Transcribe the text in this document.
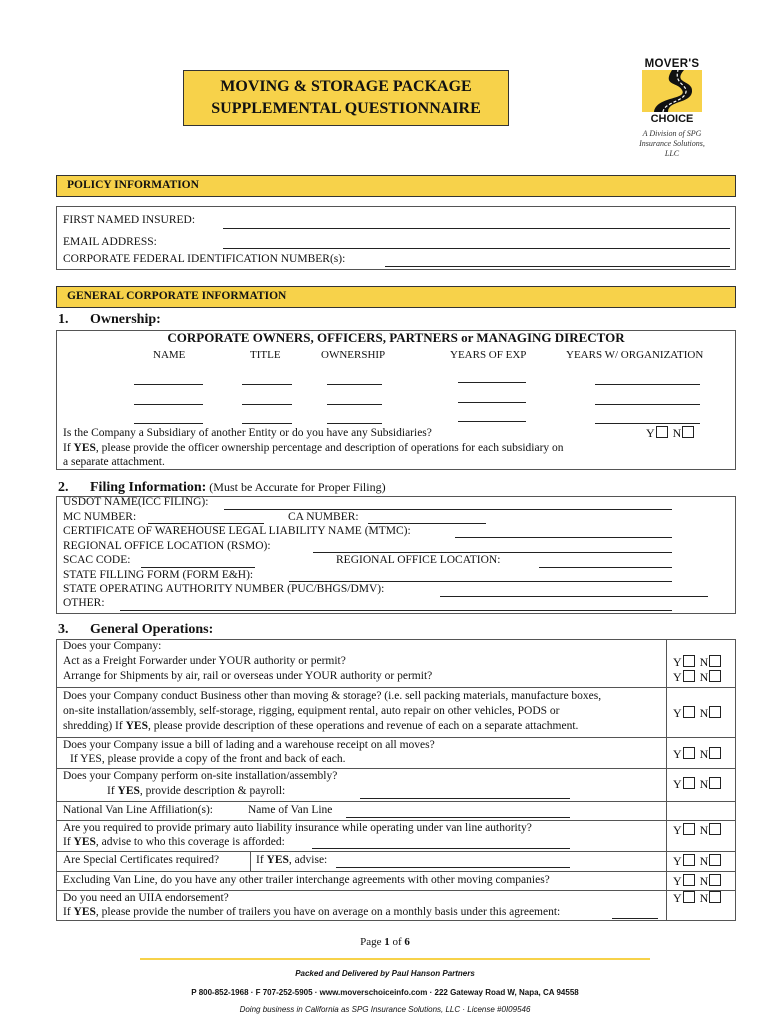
MOVING & STORAGE PACKAGE
SUPPLEMENTAL QUESTIONNAIRE
MOVER'S
CHOICE
A Division of SPG
Insurance Solutions, LLC
POLICY INFORMATION
FIRST NAMED INSURED:
EMAIL ADDRESS:
CORPORATE FEDERAL IDENTIFICATION NUMBER(s):
GENERAL CORPORATE INFORMATION
1. Ownership:
CORPORATE OWNERS, OFFICERS, PARTNERS or MANAGING DIRECTOR
NAME	TITLE	OWNERSHIP	YEARS OF EXP	YEARS W/ ORGANIZATION
Is the Company a Subsidiary of another Entity or do you have any Subsidiaries?	Y N
If YES, please provide the officer ownership percentage and description of operations for each subsidiary on
a separate attachment.
2. Filing Information: (Must be Accurate for Proper Filing)
USDOT NAME(ICC FILING):
MC NUMBER:	CA NUMBER:
CERTIFICATE OF WAREHOUSE LEGAL LIABILITY NAME (MTMC):
REGIONAL OFFICE LOCATION (RSMO):
SCAC CODE:	REGIONAL OFFICE LOCATION:
STATE FILLING FORM (FORM E&H):
STATE OPERATING AUTHORITY NUMBER (PUC/BHGS/DMV):
OTHER:
3. General Operations:
Does your Company:
Act as a Freight Forwarder under YOUR authority or permit?	Y N
Arrange for Shipments by air, rail or overseas under YOUR authority or permit?	Y N
Does your Company conduct Business other than moving & storage? (i.e. sell packing materials, manufacture boxes,
on-site installation/assembly, self-storage, rigging, equipment rental, auto repair on other vehicles, PODS or
shredding) If YES, please provide description of these operations and revenue of each on a separate attachment.
Y N
Does your Company issue a bill of lading and a warehouse receipt on all moves?
If YES, please provide a copy of the front and back of each.	Y N
Does your Company perform on-site installation/assembly?
If YES, provide description & payroll:	Y N
National Van Line Affiliation(s):	Name of Van Line
Are you required to provide primary auto liability insurance while operating under van line authority?
If YES, advise to who this coverage is afforded:
Y N
Are Special Certificates required?	If YES, advise:	Y N
Excluding Van Line, do you have any other trailer interchange agreements with other moving companies?	Y N
Do you need an UIIA endorsement?
If YES, please provide the number of trailers you have on average on a monthly basis under this agreement:
Y N
Page 1 of 6
Packed and Delivered by Paul Hanson Partners
P 800-852-1968 · F 707-252-5905 · www.moverschoiceinfo.com · 222 Gateway Road W, Napa, CA 94558
Doing business in California as SPG Insurance Solutions, LLC · License #0I09546
